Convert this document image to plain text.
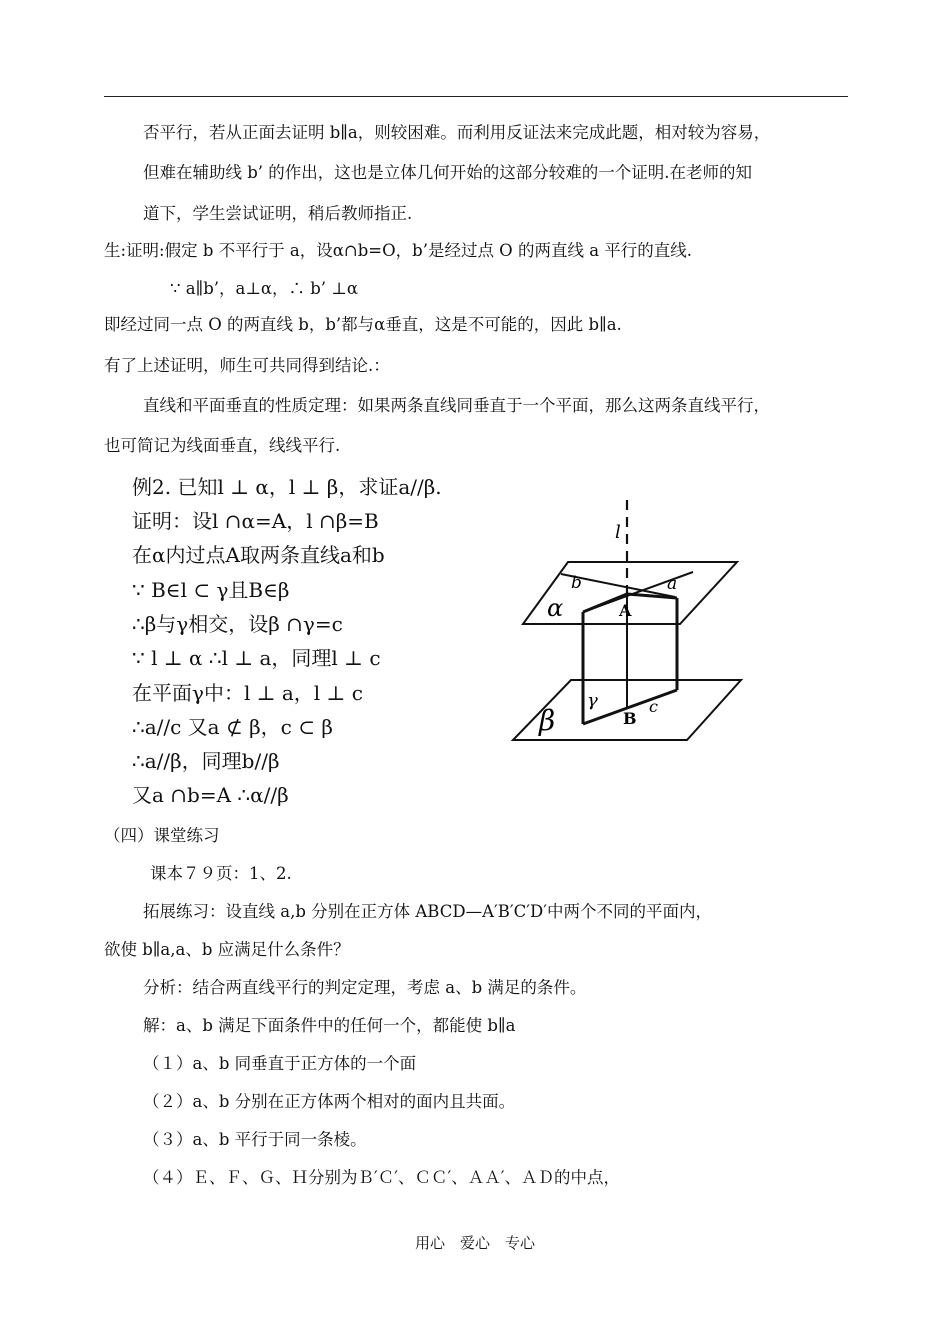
否平行，若从正面去证明 b∥a，则较困难。而利用反证法来完成此题，相对较为容易，
但难在辅助线 b’ 的作出，这也是立体几何开始的这部分较难的一个证明.在老师的知
道下，学生尝试证明，稍后教师指正.
生:证明:假定 b 不平行于 a，设α∩b=O，b’是经过点 O 的两直线 a 平行的直线.
∵ a∥b’，a⊥α，∴ b’ ⊥α
即经过同一点 O 的两直线 b，b’都与α垂直，这是不可能的，因此 b∥a.
有了上述证明，师生可共同得到结论.：
直线和平面垂直的性质定理：如果两条直线同垂直于一个平面，那么这两条直线平行，
也可简记为线面垂直，线线平行.
例2. 已知l ⊥ α，l ⊥ β，求证a//β.
证明：设l ∩α=A，l ∩β=B
在α内过点A取两条直线a和b
∵ B∈l ⊂ γ且B∈β
∴β与γ相交，设β ∩γ=c
∵ l ⊥ α ∴l ⊥ a，同理l ⊥ c
在平面γ中：l ⊥ a，l ⊥ c
∴a//c 又a ⊄ β，c ⊂ β
∴a//β，同理b//β
又a ∩b=A ∴α//β
l
b	a
A
α
γ
B
c
β
（四）课堂练习
课本７９页：1、2.
拓展练习：设直线 a,b 分别在正方体 ABCD—A′B′C′D′中两个不同的平面内，
欲使 b∥a,a、b 应满足什么条件？
分析：结合两直线平行的判定定理，考虑 a、b 满足的条件。
解：a、b 满足下面条件中的任何一个，都能使 b∥a
（１）a、b 同垂直于正方体的一个面
（２）a、b 分别在正方体两个相对的面内且共面。
（３）a、b 平行于同一条棱。
（４）Ｅ、Ｆ、Ｇ、Ｈ分别为Ｂ′Ｃ′、ＣＣ′、ＡＡ′、ＡＤ的中点，
用心　爱心　专心
